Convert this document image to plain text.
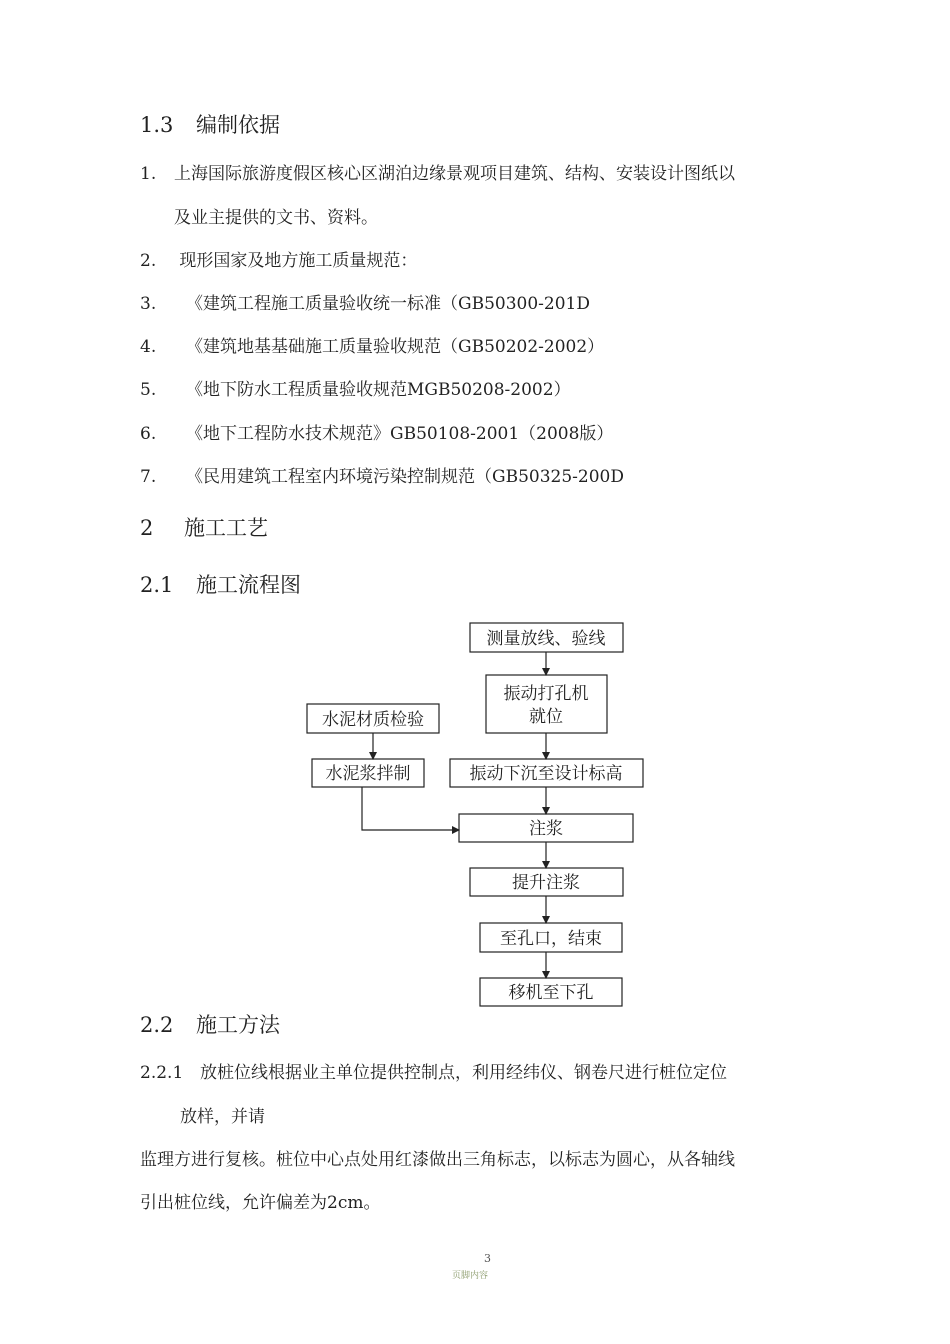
1.3 编制依据
1. 上海国际旅游度假区核心区湖泊边缘景观项目建筑、结构、安装设计图纸以
及业主提供的文书、资料。
2. 现形国家及地方施工质量规范：
3. 《建筑工程施工质量验收统一标准（GB50300-201D
4. 《建筑地基基础施工质量验收规范（GB50202-2002）
5. 《地下防水工程质量验收规范MGB50208-2002）
6. 《地下工程防水技术规范》GB50108-2001（2008版）
7. 《民用建筑工程室内环境污染控制规范（GB50325-200D
2 施工工艺
2.1 施工流程图
测量放线、验线
振动打孔机
就位
水泥材质检验
水泥浆拌制	振动下沉至设计标高
注浆
提升注浆
至孔口，结束
移机至下孔
2.2 施工方法
2.2.1 放桩位线根据业主单位提供控制点，利用经纬仪、钢卷尺进行桩位定位
放样，并请
监理方进行复核。桩位中心点处用红漆做出三角标志，以标志为圆心，从各轴线
引出桩位线，允许偏差为2cm。
3
页脚内容
